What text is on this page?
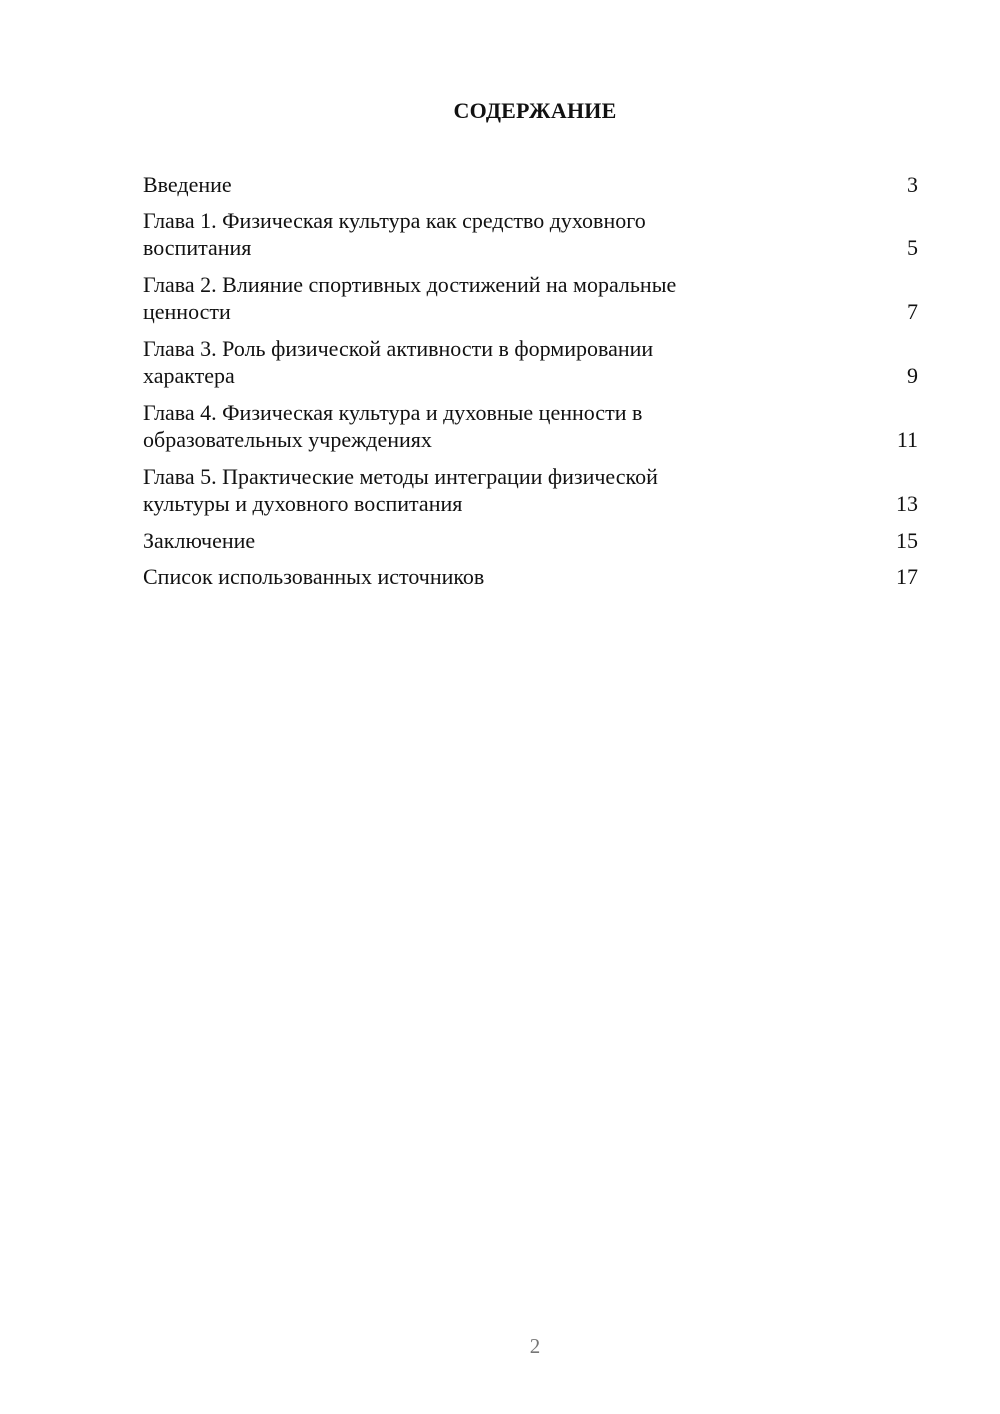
СОДЕРЖАНИЕ
Введение	3
Глава 1. Физическая культура как средство духовного
воспитания	5
Глава 2. Влияние спортивных достижений на моральные
ценности	7
Глава 3. Роль физической активности в формировании
характера	9
Глава 4. Физическая культура и духовные ценности в
образовательных учреждениях	11
Глава 5. Практические методы интеграции физической
культуры и духовного воспитания	13
Заключение	15
Список использованных источников	17
2
